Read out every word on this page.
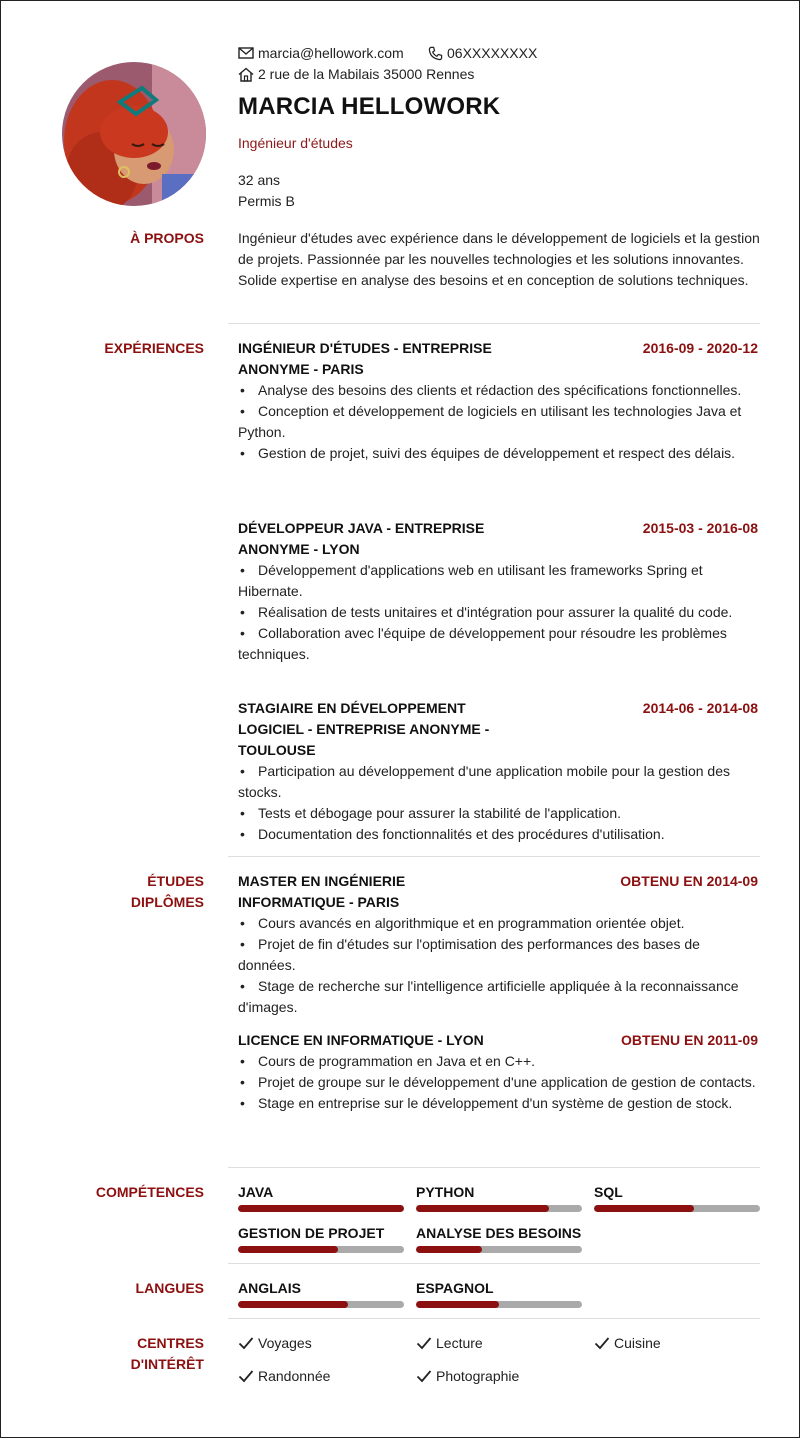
marcia@hellowork.com	06XXXXXXXX
2 rue de la Mabilais 35000 Rennes
MARCIA HELLOWORK
Ingénieur d'études
32 ans
Permis B
À PROPOS Ingénieur d'études avec expérience dans le développement de logiciels et la gestion de projets. Passionnée par les nouvelles technologies et les solutions innovantes. Solide expertise en analyse des besoins et en conception de solutions techniques.
EXPÉRIENCES INGÉNIEUR D'ÉTUDES - ENTREPRISE
ANONYME - PARIS
2016-09 - 2020-12
• Analyse des besoins des clients et rédaction des spécifications fonctionnelles.
• Conception et développement de logiciels en utilisant les technologies Java et Python.
• Gestion de projet, suivi des équipes de développement et respect des délais.
DÉVELOPPEUR JAVA - ENTREPRISE
ANONYME - LYON
2015-03 - 2016-08
• Développement d'applications web en utilisant les frameworks Spring et Hibernate.
• Réalisation de tests unitaires et d'intégration pour assurer la qualité du code.
• Collaboration avec l'équipe de développement pour résoudre les problèmes techniques.
STAGIAIRE EN DÉVELOPPEMENT
LOGICIEL - ENTREPRISE ANONYME -
TOULOUSE
2014-06 - 2014-08
• Participation au développement d'une application mobile pour la gestion des stocks.
• Tests et débogage pour assurer la stabilité de l'application.
• Documentation des fonctionnalités et des procédures d'utilisation.
ÉTUDES
DIPLÔMES
MASTER EN INGÉNIERIE
INFORMATIQUE - PARIS
OBTENU EN 2014-09
• Cours avancés en algorithmique et en programmation orientée objet.
• Projet de fin d'études sur l'optimisation des performances des bases de données.
• Stage de recherche sur l'intelligence artificielle appliquée à la reconnaissance d'images.
LICENCE EN INFORMATIQUE - LYON	OBTENU EN 2011-09
• Cours de programmation en Java et en C++.
• Projet de groupe sur le développement d'une application de gestion de contacts.
• Stage en entreprise sur le développement d'un système de gestion de stock.
COMPÉTENCES JAVA	PYTHON	SQL
GESTION DE PROJET	ANALYSE DES BESOINS
LANGUES ANGLAIS	ESPAGNOL
CENTRES
D'INTÉRÊT
Voyages	Lecture	Cuisine
Randonnée	Photographie
